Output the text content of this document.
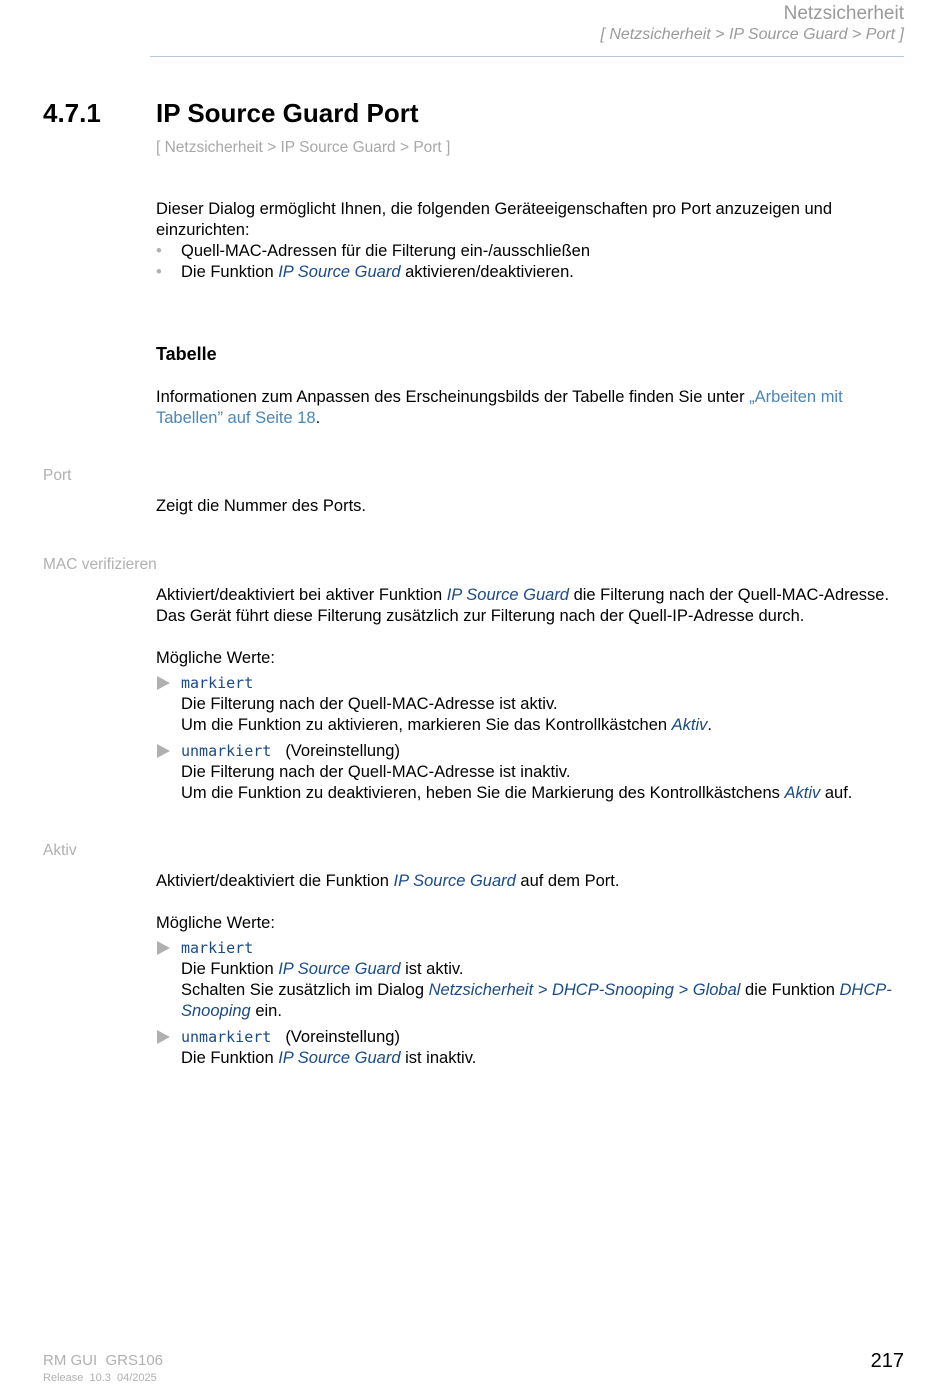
Netzsicherheit
[ Netzsicherheit > IP Source Guard > Port ]
4.7.1 IP Source Guard Port
[ Netzsicherheit > IP Source Guard > Port ]
Dieser Dialog ermöglicht Ihnen, die folgenden Geräteeigenschaften pro Port anzuzeigen und einzurichten:
• Quell-MAC-Adressen für die Filterung ein-/ausschließen
• Die Funktion IP Source Guard aktivieren/deaktivieren.
Tabelle
Informationen zum Anpassen des Erscheinungsbilds der Tabelle finden Sie unter „Arbeiten mit Tabellen” auf Seite 18.
Port
Zeigt die Nummer des Ports.
MAC verifizieren
Aktiviert/deaktiviert bei aktiver Funktion IP Source Guard die Filterung nach der Quell-MAC-Adresse.
Das Gerät führt diese Filterung zusätzlich zur Filterung nach der Quell-IP-Adresse durch.
Mögliche Werte:
markiert
Die Filterung nach der Quell-MAC-Adresse ist aktiv.
Um die Funktion zu aktivieren, markieren Sie das Kontrollkästchen Aktiv.
unmarkiert (Voreinstellung)
Die Filterung nach der Quell-MAC-Adresse ist inaktiv.
Um die Funktion zu deaktivieren, heben Sie die Markierung des Kontrollkästchens Aktiv auf.
Aktiv
Aktiviert/deaktiviert die Funktion IP Source Guard auf dem Port.
Mögliche Werte:
markiert
Die Funktion IP Source Guard ist aktiv.
Schalten Sie zusätzlich im Dialog Netzsicherheit > DHCP-Snooping > Global die Funktion DHCP-Snooping ein.
unmarkiert (Voreinstellung)
Die Funktion IP Source Guard ist inaktiv.
RM GUI  GRS106
Release  10.3  04/2025
217
